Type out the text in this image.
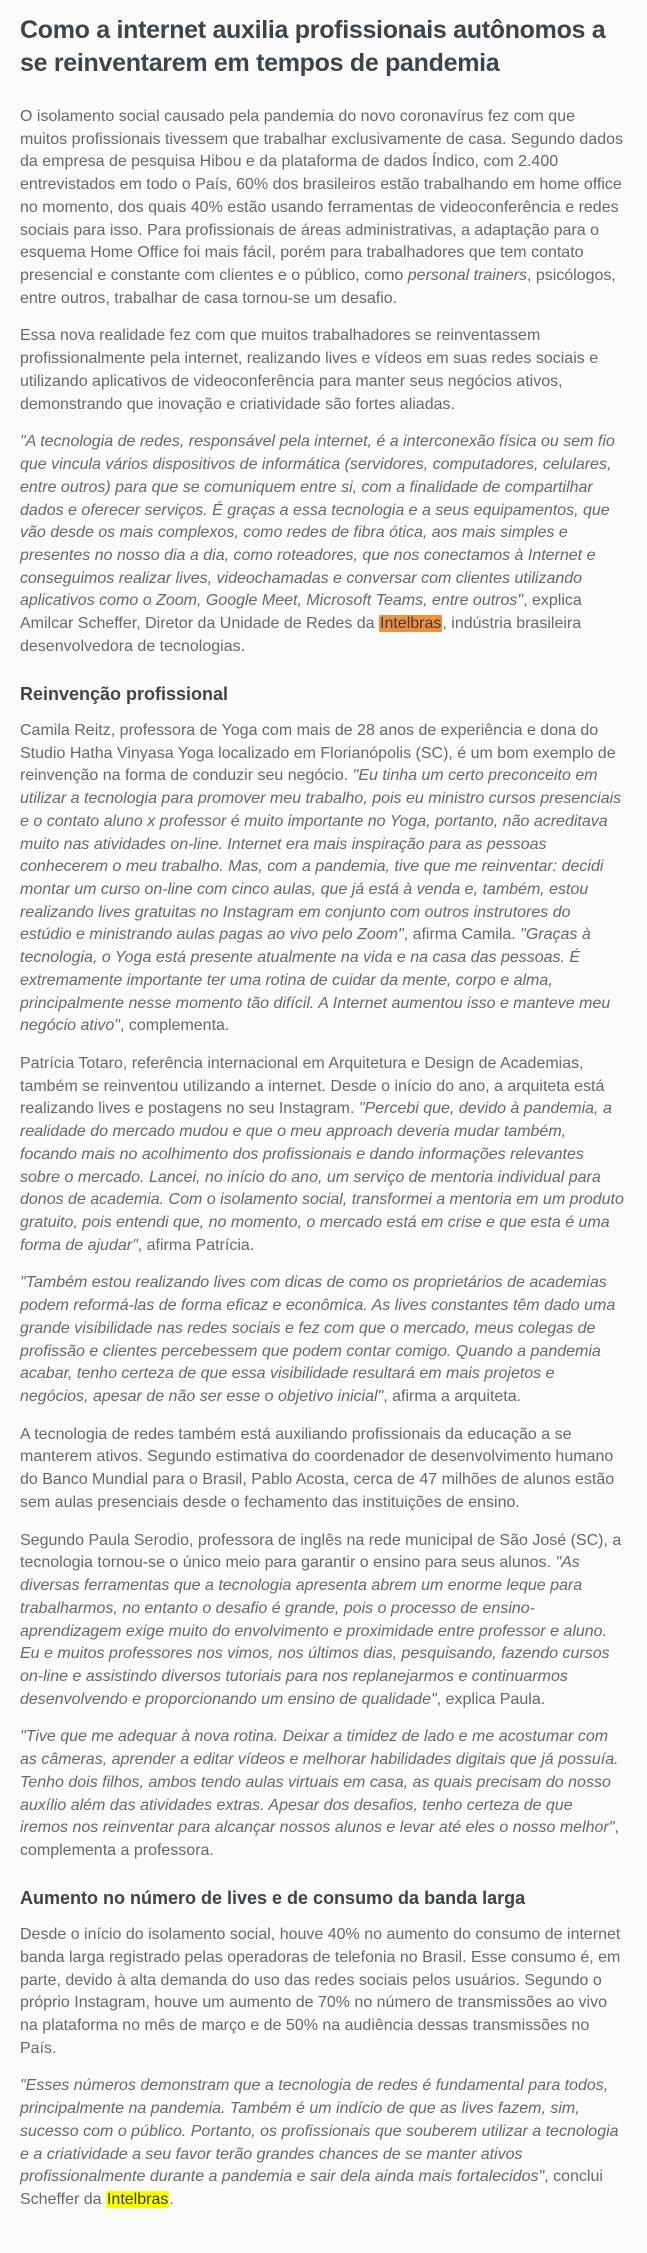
Como a internet auxilia profissionais autônomos a se reinventarem em tempos de pandemia

O isolamento social causado pela pandemia do novo coronavírus fez com que muitos profissionais tivessem que trabalhar exclusivamente de casa. Segundo dados da empresa de pesquisa Hibou e da plataforma de dados Índico, com 2.400 entrevistados em todo o País, 60% dos brasileiros estão trabalhando em home office no momento, dos quais 40% estão usando ferramentas de videoconferência e redes sociais para isso. Para profissionais de áreas administrativas, a adaptação para o esquema Home Office foi mais fácil, porém para trabalhadores que tem contato presencial e constante com clientes e o público, como personal trainers, psicólogos, entre outros, trabalhar de casa tornou-se um desafio.

Essa nova realidade fez com que muitos trabalhadores se reinventassem profissionalmente pela internet, realizando lives e vídeos em suas redes sociais e utilizando aplicativos de videoconferência para manter seus negócios ativos, demonstrando que inovação e criatividade são fortes aliadas.

"A tecnologia de redes, responsável pela internet, é a interconexão física ou sem fio que vincula vários dispositivos de informática (servidores, computadores, celulares, entre outros) para que se comuniquem entre si, com a finalidade de compartilhar dados e oferecer serviços. É graças a essa tecnologia e a seus equipamentos, que vão desde os mais complexos, como redes de fibra ótica, aos mais simples e presentes no nosso dia a dia, como roteadores, que nos conectamos à Internet e conseguimos realizar lives, videochamadas e conversar com clientes utilizando aplicativos como o Zoom, Google Meet, Microsoft Teams, entre outros", explica Amilcar Scheffer, Diretor da Unidade de Redes da Intelbras, indústria brasileira desenvolvedora de tecnologias.

Reinvenção profissional

Camila Reitz, professora de Yoga com mais de 28 anos de experiência e dona do Studio Hatha Vinyasa Yoga localizado em Florianópolis (SC), é um bom exemplo de reinvenção na forma de conduzir seu negócio. "Eu tinha um certo preconceito em utilizar a tecnologia para promover meu trabalho, pois eu ministro cursos presenciais e o contato aluno x professor é muito importante no Yoga, portanto, não acreditava muito nas atividades on-line. Internet era mais inspiração para as pessoas conhecerem o meu trabalho. Mas, com a pandemia, tive que me reinventar: decidi montar um curso on-line com cinco aulas, que já está à venda e, também, estou realizando lives gratuitas no Instagram em conjunto com outros instrutores do estúdio e ministrando aulas pagas ao vivo pelo Zoom", afirma Camila. "Graças à tecnologia, o Yoga está presente atualmente na vida e na casa das pessoas. É extremamente importante ter uma rotina de cuidar da mente, corpo e alma, principalmente nesse momento tão difícil. A Internet aumentou isso e manteve meu negócio ativo", complementa.

Patrícia Totaro, referência internacional em Arquitetura e Design de Academias, também se reinventou utilizando a internet. Desde o início do ano, a arquiteta está realizando lives e postagens no seu Instagram. "Percebi que, devido à pandemia, a realidade do mercado mudou e que o meu approach deveria mudar também, focando mais no acolhimento dos profissionais e dando informações relevantes sobre o mercado. Lancei, no início do ano, um serviço de mentoria individual para donos de academia. Com o isolamento social, transformei a mentoria em um produto gratuito, pois entendi que, no momento, o mercado está em crise e que esta é uma forma de ajudar", afirma Patrícia.

"Também estou realizando lives com dicas de como os proprietários de academias podem reformá-las de forma eficaz e econômica. As lives constantes têm dado uma grande visibilidade nas redes sociais e fez com que o mercado, meus colegas de profissão e clientes percebessem que podem contar comigo. Quando a pandemia acabar, tenho certeza de que essa visibilidade resultará em mais projetos e negócios, apesar de não ser esse o objetivo inicial", afirma a arquiteta.

A tecnologia de redes também está auxiliando profissionais da educação a se manterem ativos. Segundo estimativa do coordenador de desenvolvimento humano do Banco Mundial para o Brasil, Pablo Acosta, cerca de 47 milhões de alunos estão sem aulas presenciais desde o fechamento das instituições de ensino.

Segundo Paula Serodio, professora de inglês na rede municipal de São José (SC), a tecnologia tornou-se o único meio para garantir o ensino para seus alunos. "As diversas ferramentas que a tecnologia apresenta abrem um enorme leque para trabalharmos, no entanto o desafio é grande, pois o processo de ensino-aprendizagem exige muito do envolvimento e proximidade entre professor e aluno. Eu e muitos professores nos vimos, nos últimos dias, pesquisando, fazendo cursos on-line e assistindo diversos tutoriais para nos replanejarmos e continuarmos desenvolvendo e proporcionando um ensino de qualidade", explica Paula.

"Tive que me adequar à nova rotina. Deixar a timidez de lado e me acostumar com as câmeras, aprender a editar vídeos e melhorar habilidades digitais que já possuía. Tenho dois filhos, ambos tendo aulas virtuais em casa, as quais precisam do nosso auxílio além das atividades extras. Apesar dos desafios, tenho certeza de que iremos nos reinventar para alcançar nossos alunos e levar até eles o nosso melhor", complementa a professora.

Aumento no número de lives e de consumo da banda larga

Desde o início do isolamento social, houve 40% no aumento do consumo de internet banda larga registrado pelas operadoras de telefonia no Brasil. Esse consumo é, em parte, devido à alta demanda do uso das redes sociais pelos usuários. Segundo o próprio Instagram, houve um aumento de 70% no número de transmissões ao vivo na plataforma no mês de março e de 50% na audiência dessas transmissões no País.

"Esses números demonstram que a tecnologia de redes é fundamental para todos, principalmente na pandemia. Também é um indício de que as lives fazem, sim, sucesso com o público. Portanto, os profissionais que souberem utilizar a tecnologia e a criatividade a seu favor terão grandes chances de se manter ativos profissionalmente durante a pandemia e sair dela ainda mais fortalecidos", conclui Scheffer da Intelbras.
